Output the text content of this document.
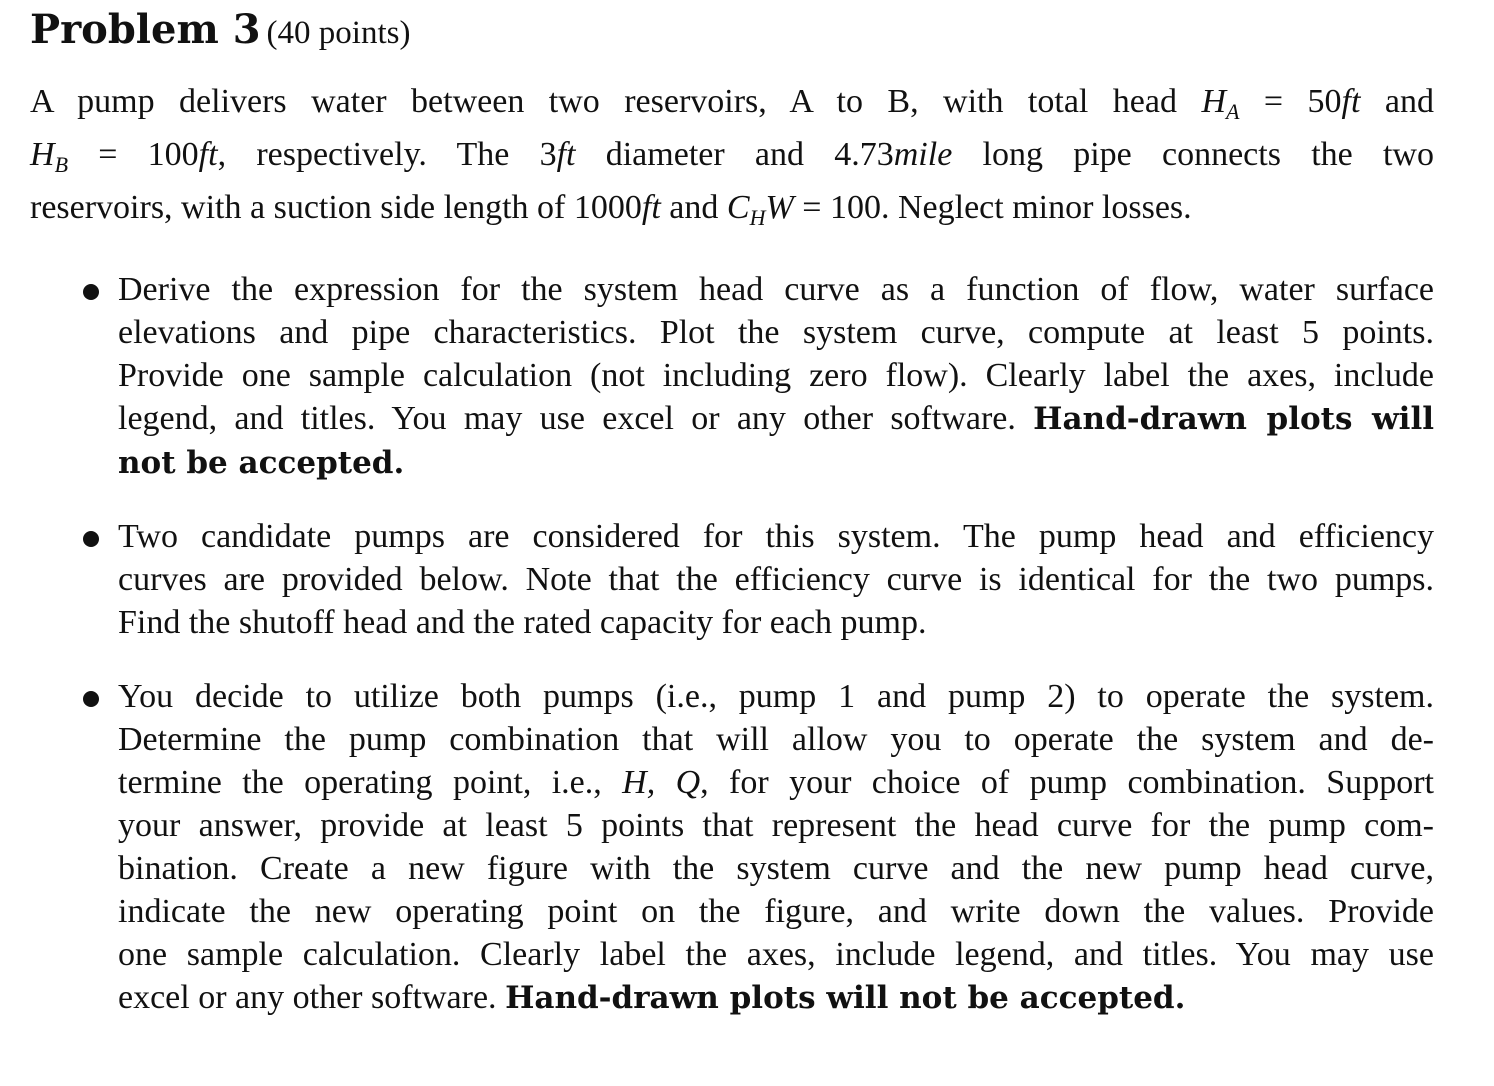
Problem 3 (40 points)
A pump delivers water between two reservoirs, A to B, with total head $H_A = 50ft$ and
$H_B = 100ft$, respectively. The 3ft diameter and 4.73mile long pipe connects the two
reservoirs, with a suction side length of 1000ft and $C_HW = 100$. Neglect minor losses.
Derive the expression for the system head curve as a function of flow, water surface
elevations and pipe characteristics. Plot the system curve, compute at least 5 points.
Provide one sample calculation (not including zero flow). Clearly label the axes, include
legend, and titles. You may use excel or any other software. Hand-drawn plots will
not be accepted.
Two candidate pumps are considered for this system. The pump head and efficiency
curves are provided below. Note that the efficiency curve is identical for the two pumps.
Find the shutoff head and the rated capacity for each pump.
You decide to utilize both pumps (i.e., pump 1 and pump 2) to operate the system.
Determine the pump combination that will allow you to operate the system and de-
termine the operating point, i.e., H, Q, for your choice of pump combination. Support
your answer, provide at least 5 points that represent the head curve for the pump com-
bination. Create a new figure with the system curve and the new pump head curve,
indicate the new operating point on the figure, and write down the values. Provide
one sample calculation. Clearly label the axes, include legend, and titles. You may use
excel or any other software. Hand-drawn plots will not be accepted.
